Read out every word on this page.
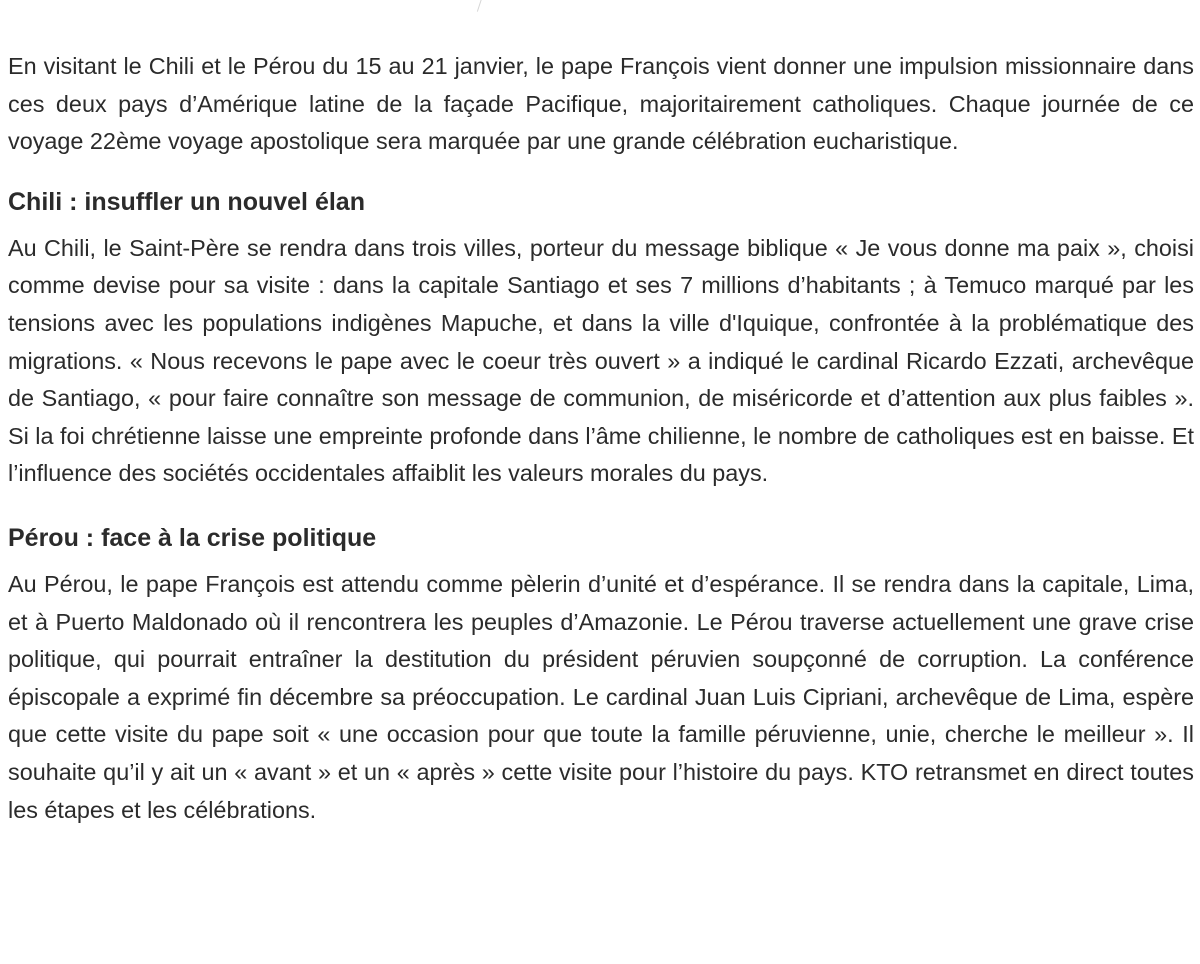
En visitant le Chili et le Pérou du 15 au 21 janvier, le pape François vient donner une impulsion missionnaire dans ces deux pays d’Amérique latine de la façade Pacifique, majoritairement catholiques. Chaque journée de ce voyage 22ème voyage apostolique sera marquée par une grande célébration eucharistique.

Chili : insuffler un nouvel élan

Au Chili, le Saint-Père se rendra dans trois villes, porteur du message biblique « Je vous donne ma paix », choisi comme devise pour sa visite : dans la capitale Santiago et ses 7 millions d’habitants ; à Temuco marqué par les tensions avec les populations indigènes Mapuche, et dans la ville d'Iquique, confrontée à la problématique des migrations. « Nous recevons le pape avec le coeur très ouvert » a indiqué le cardinal Ricardo Ezzati, archevêque de Santiago, « pour faire connaître son message de communion, de miséricorde et d’attention aux plus faibles ». Si la foi chrétienne laisse une empreinte profonde dans l’âme chilienne, le nombre de catholiques est en baisse. Et l’influence des sociétés occidentales affaiblit les valeurs morales du pays.

Pérou : face à la crise politique

Au Pérou, le pape François est attendu comme pèlerin d’unité et d’espérance. Il se rendra dans la capitale, Lima, et à Puerto Maldonado où il rencontrera les peuples d’Amazonie. Le Pérou traverse actuellement une grave crise politique, qui pourrait entraîner la destitution du président péruvien soupçonné de corruption. La conférence épiscopale a exprimé fin décembre sa préoccupation. Le cardinal Juan Luis Cipriani, archevêque de Lima, espère que cette visite du pape soit « une occasion pour que toute la famille péruvienne, unie, cherche le meilleur ». Il souhaite qu’il y ait un « avant » et un « après » cette visite pour l’histoire du pays. KTO retransmet en direct toutes les étapes et les célébrations.
